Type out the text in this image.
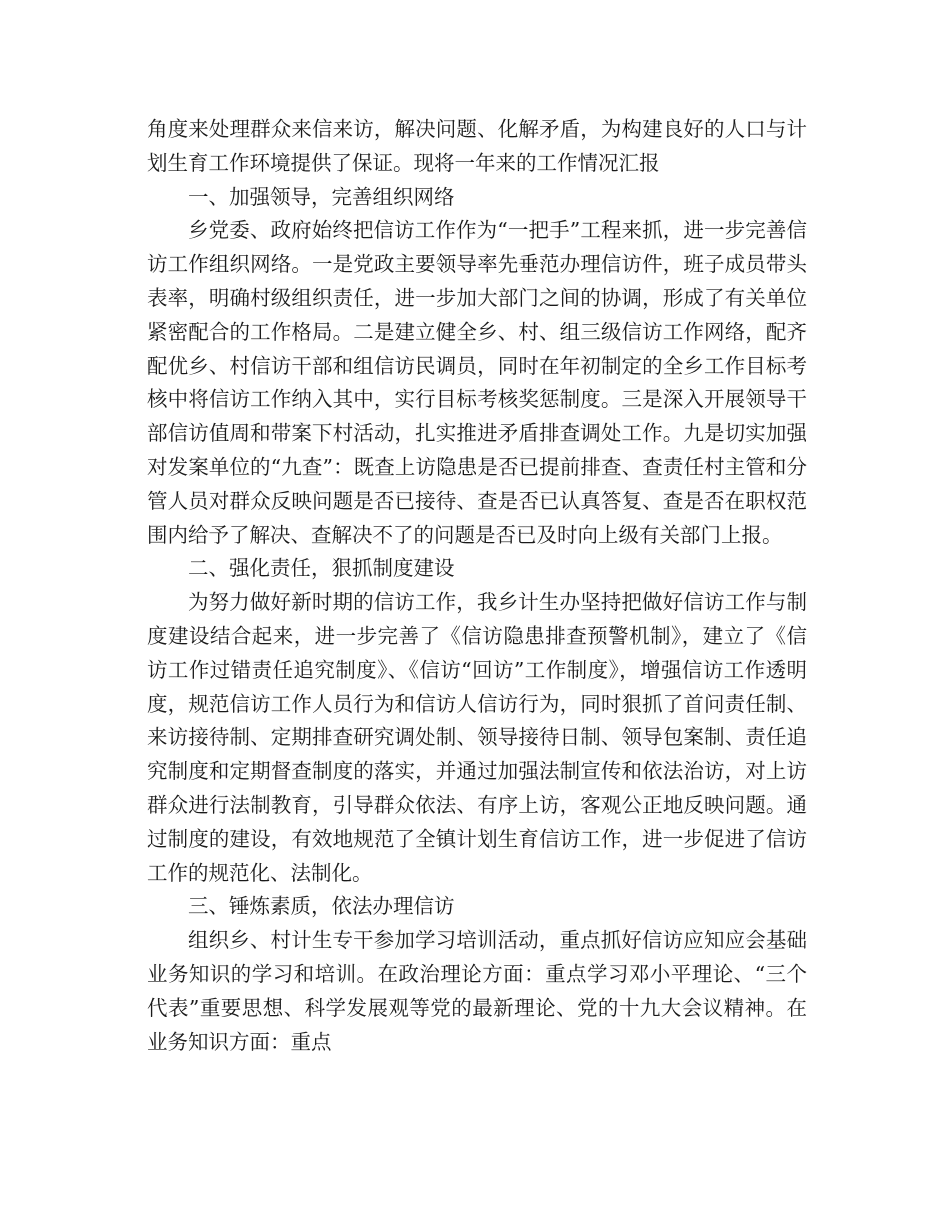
角度来处理群众来信来访，解决问题、化解矛盾，为构建良好的人口与计划生育工作环境提供了保证。现将一年来的工作情况汇报

一、加强领导，完善组织网络

乡党委、政府始终把信访工作作为“一把手”工程来抓，进一步完善信访工作组织网络。一是党政主要领导率先垂范办理信访件，班子成员带头表率，明确村级组织责任，进一步加大部门之间的协调，形成了有关单位紧密配合的工作格局。二是建立健全乡、村、组三级信访工作网络，配齐配优乡、村信访干部和组信访民调员，同时在年初制定的全乡工作目标考核中将信访工作纳入其中，实行目标考核奖惩制度。三是深入开展领导干部信访值周和带案下村活动，扎实推进矛盾排查调处工作。九是切实加强对发案单位的“九查”：既查上访隐患是否已提前排查、查责任村主管和分管人员对群众反映问题是否已接待、查是否已认真答复、查是否在职权范围内给予了解决、查解决不了的问题是否已及时向上级有关部门上报。

二、强化责任，狠抓制度建设

为努力做好新时期的信访工作，我乡计生办坚持把做好信访工作与制度建设结合起来，进一步完善了《信访隐患排查预警机制》，建立了《信访工作过错责任追究制度》、《信访“回访”工作制度》，增强信访工作透明度，规范信访工作人员行为和信访人信访行为，同时狠抓了首问责任制、来访接待制、定期排查研究调处制、领导接待日制、领导包案制、责任追究制度和定期督查制度的落实，并通过加强法制宣传和依法治访，对上访群众进行法制教育，引导群众依法、有序上访，客观公正地反映问题。通过制度的建设，有效地规范了全镇计划生育信访工作，进一步促进了信访工作的规范化、法制化。

三、锤炼素质，依法办理信访

组织乡、村计生专干参加学习培训活动，重点抓好信访应知应会基础业务知识的学习和培训。在政治理论方面：重点学习邓小平理论、“三个代表”重要思想、科学发展观等党的最新理论、党的十九大会议精神。在业务知识方面：重点
